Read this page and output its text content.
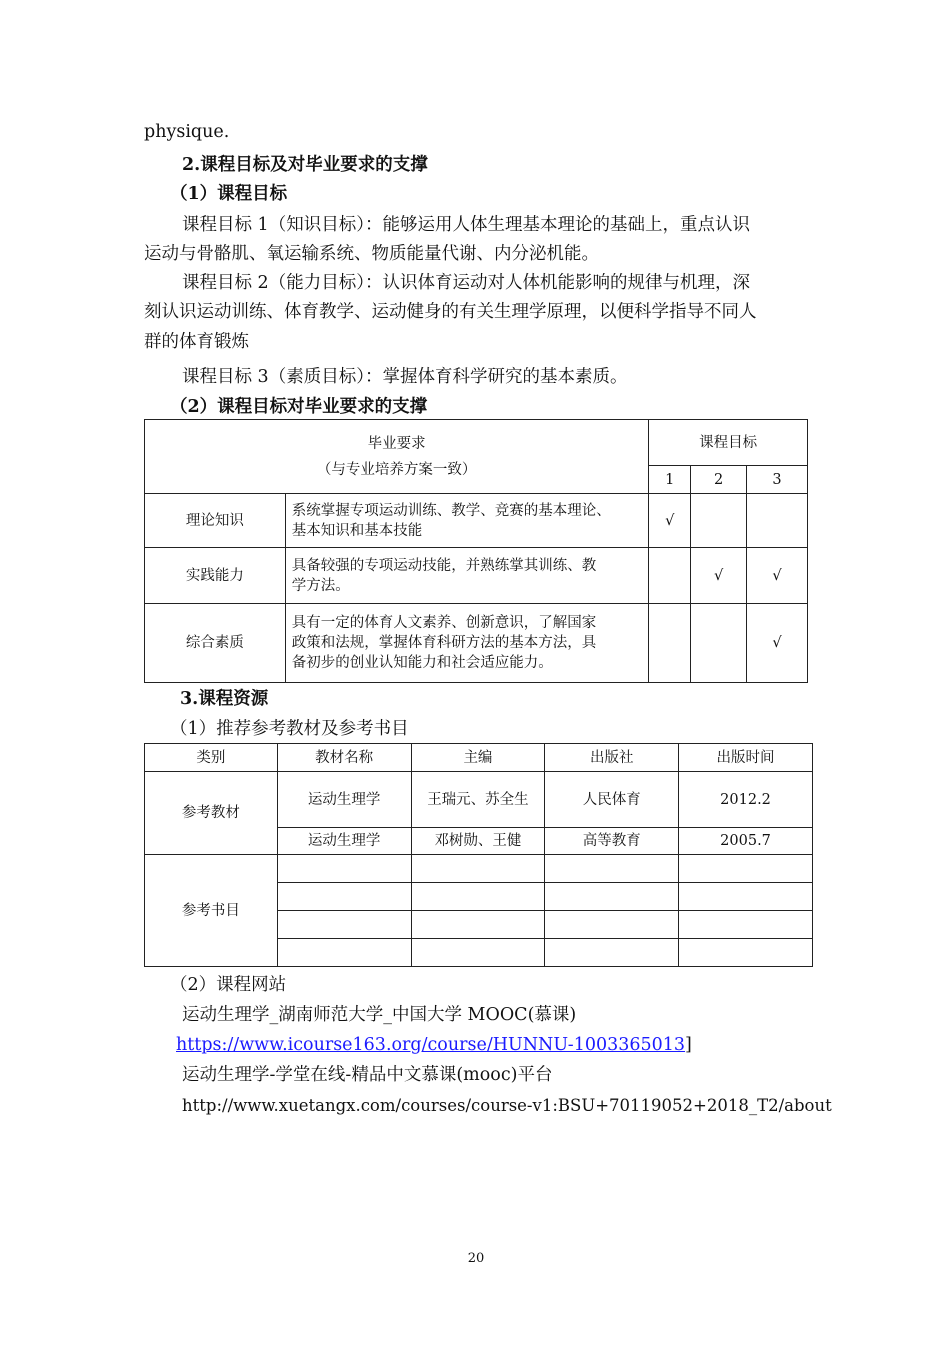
physique.
2.课程目标及对毕业要求的支撑
（1）课程目标
课程目标 1（知识目标）：能够运用人体生理基本理论的基础上，重点认识
运动与骨骼肌、氧运输系统、物质能量代谢、内分泌机能。
课程目标 2（能力目标）：认识体育运动对人体机能影响的规律与机理，深
刻认识运动训练、体育教学、运动健身的有关生理学原理，以便科学指导不同人
群的体育锻炼
课程目标 3（素质目标）：掌握体育科学研究的基本素质。
（2）课程目标对毕业要求的支撑
毕业要求
（与专业培养方案一致）		课程目标		
		1	2	3
理论知识	系统掌握专项运动训练、教学、竞赛的基本理论、
基本知识和基本技能	√		
实践能力	具备较强的专项运动技能，并熟练掌其训练、教
学方法。		√	√
综合素质	具有一定的体育人文素养、创新意识，了解国家
政策和法规，掌握体育科研方法的基本方法，具
备初步的创业认知能力和社会适应能力。			√
3.课程资源
（1）推荐参考教材及参考书目
类别	教材名称	主编	出版社	出版时间
参考教材	运动生理学	王瑞元、苏全生	人民体育	2012.2
	运动生理学	邓树勋、王健	高等教育	2005.7
参考书目				

（2）课程网站
运动生理学_湖南师范大学_中国大学 MOOC(慕课)
https://www.icourse163.org/course/HUNNU-1003365013]
运动生理学-学堂在线-精品中文慕课(mooc)平台
http://www.xuetangx.com/courses/course-v1:BSU+70119052+2018_T2/about
20
